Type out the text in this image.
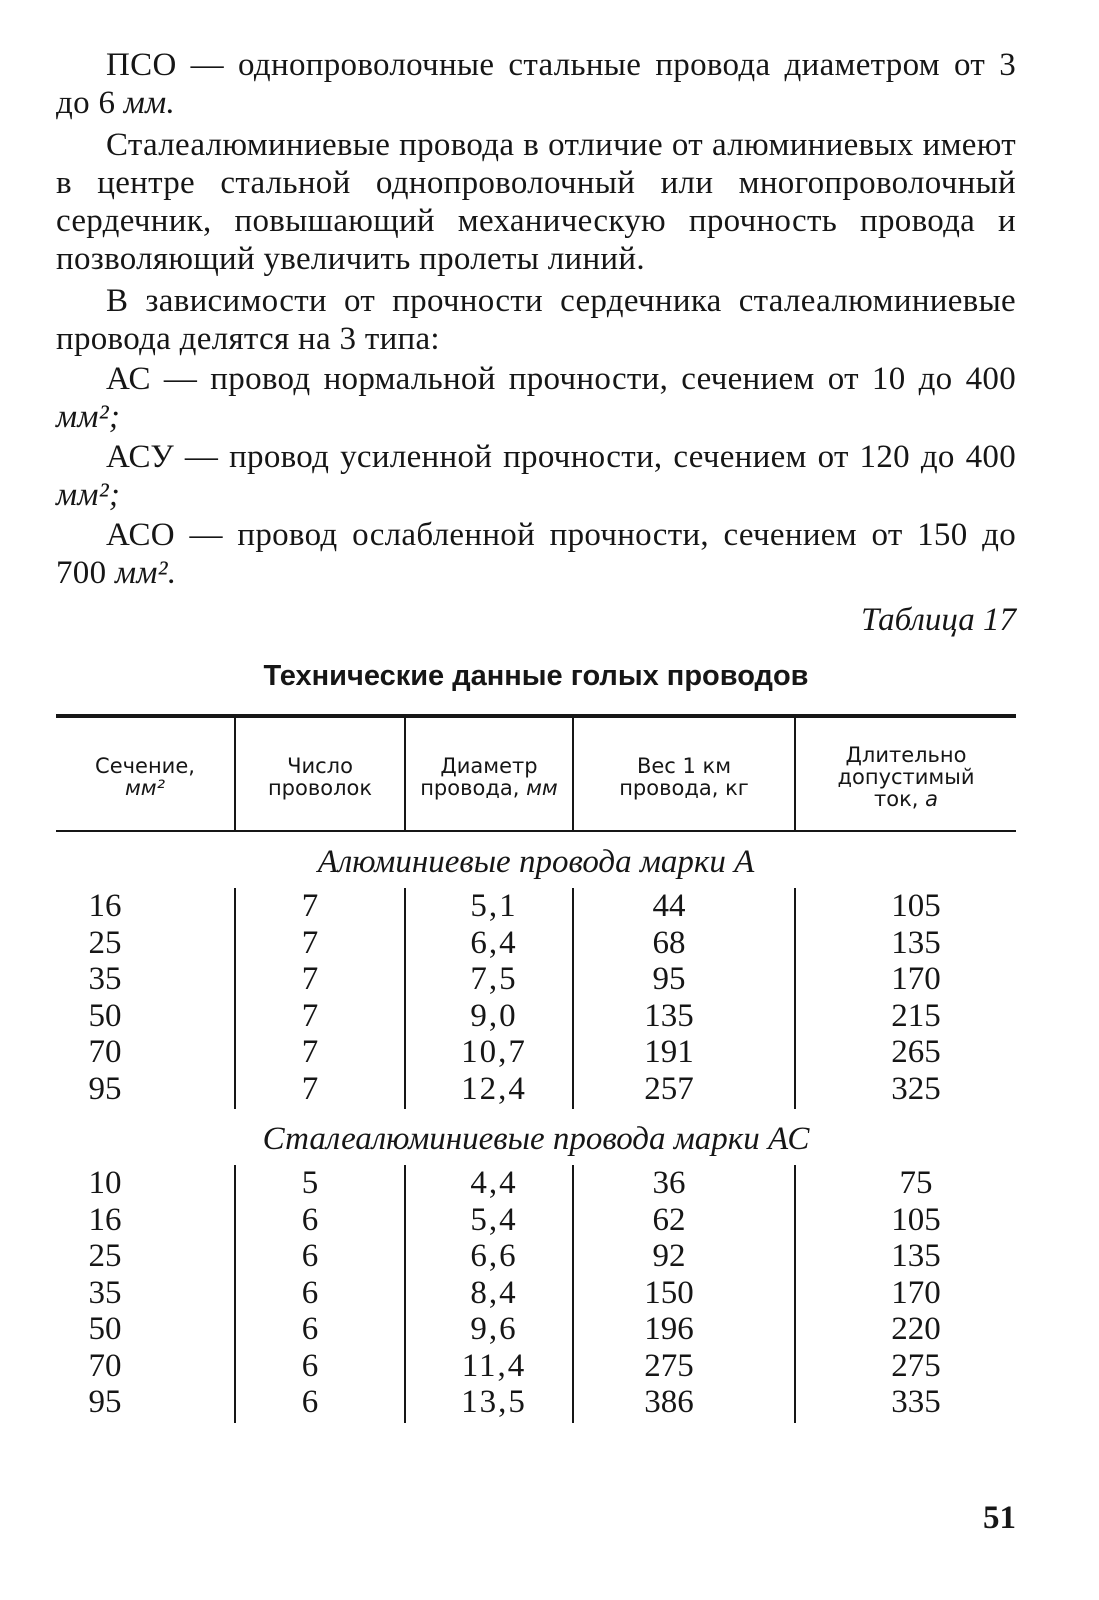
ПСО — однопроволочные стальные провода диаметром от 3 до 6 мм.

Сталеалюминиевые провода в отличие от алюминиевых имеют в центре стальной однопроволочный или многопроволочный сердечник, повышающий механическую прочность провода и позволяющий увеличить пролеты линий.

В зависимости от прочности сердечника сталеалюминиевые провода делятся на 3 типа:

АС — провод нормальной прочности, сечением от 10 до 400 мм²;

АСУ — провод усиленной прочности, сечением от 120 до 400 мм²;

АСО — провод ослабленной прочности, сечением от 150 до 700 мм².

Таблица 17
Технические данные голых проводов
Сечение,
мм²
Число проволок
Диаметр провода, мм
Вес 1 км провода, кг
Длительно допустимый ток, а
Алюминиевые провода марки А
16
25
35
50
70
95
7
7
7
7
7
7
5,1
6,4
7,5
9,0
10,7
12,4
44
68
95
135
191
257
105
135
170
215
265
325
Сталеалюминиевые провода марки АС
10
16
25
35
50
70
95
5
6
6
6
6
6
6
4,4
5,4
6,6
8,4
9,6
11,4
13,5
36
62
92
150
196
275
386
75
105
135
170
220
275
335
51
